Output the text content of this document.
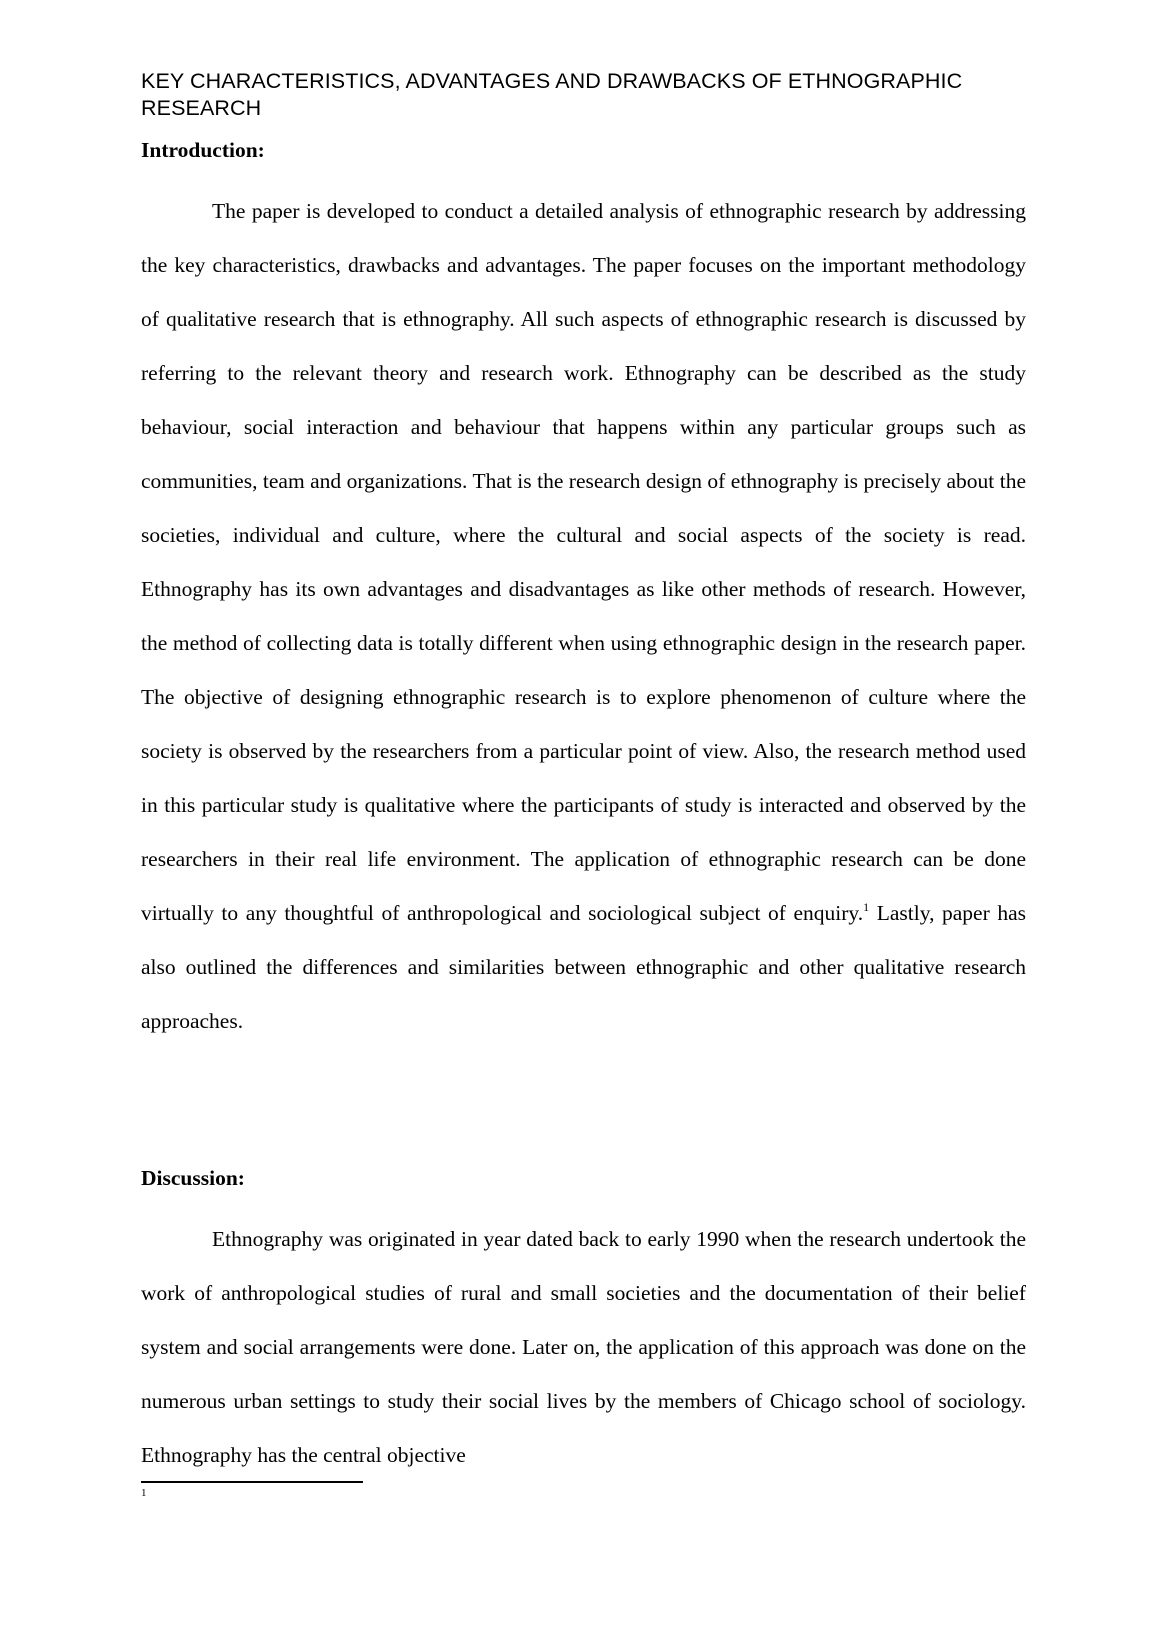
KEY CHARACTERISTICS, ADVANTAGES AND DRAWBACKS OF ETHNOGRAPHIC RESEARCH
Introduction:

The paper is developed to conduct a detailed analysis of ethnographic research by addressing the key characteristics, drawbacks and advantages. The paper focuses on the important methodology of qualitative research that is ethnography. All such aspects of ethnographic research is discussed by referring to the relevant theory and research work. Ethnography can be described as the study behaviour, social interaction and behaviour that happens within any particular groups such as communities, team and organizations. That is the research design of ethnography is precisely about the societies, individual and culture, where the cultural and social aspects of the society is read. Ethnography has its own advantages and disadvantages as like other methods of research. However, the method of collecting data is totally different when using ethnographic design in the research paper. The objective of designing ethnographic research is to explore phenomenon of culture where the society is observed by the researchers from a particular point of view. Also, the research method used in this particular study is qualitative where the participants of study is interacted and observed by the researchers in their real life environment. The application of ethnographic research can be done virtually to any thoughtful of anthropological and sociological subject of enquiry.$^1$ Lastly, paper has also outlined the differences and similarities between ethnographic and other qualitative research approaches.

Discussion:

Ethnography was originated in year dated back to early 1990 when the research undertook the work of anthropological studies of rural and small societies and the documentation of their belief system and social arrangements were done. Later on, the application of this approach was done on the numerous urban settings to study their social lives by the members of Chicago school of sociology. Ethnography has the central objective

1
